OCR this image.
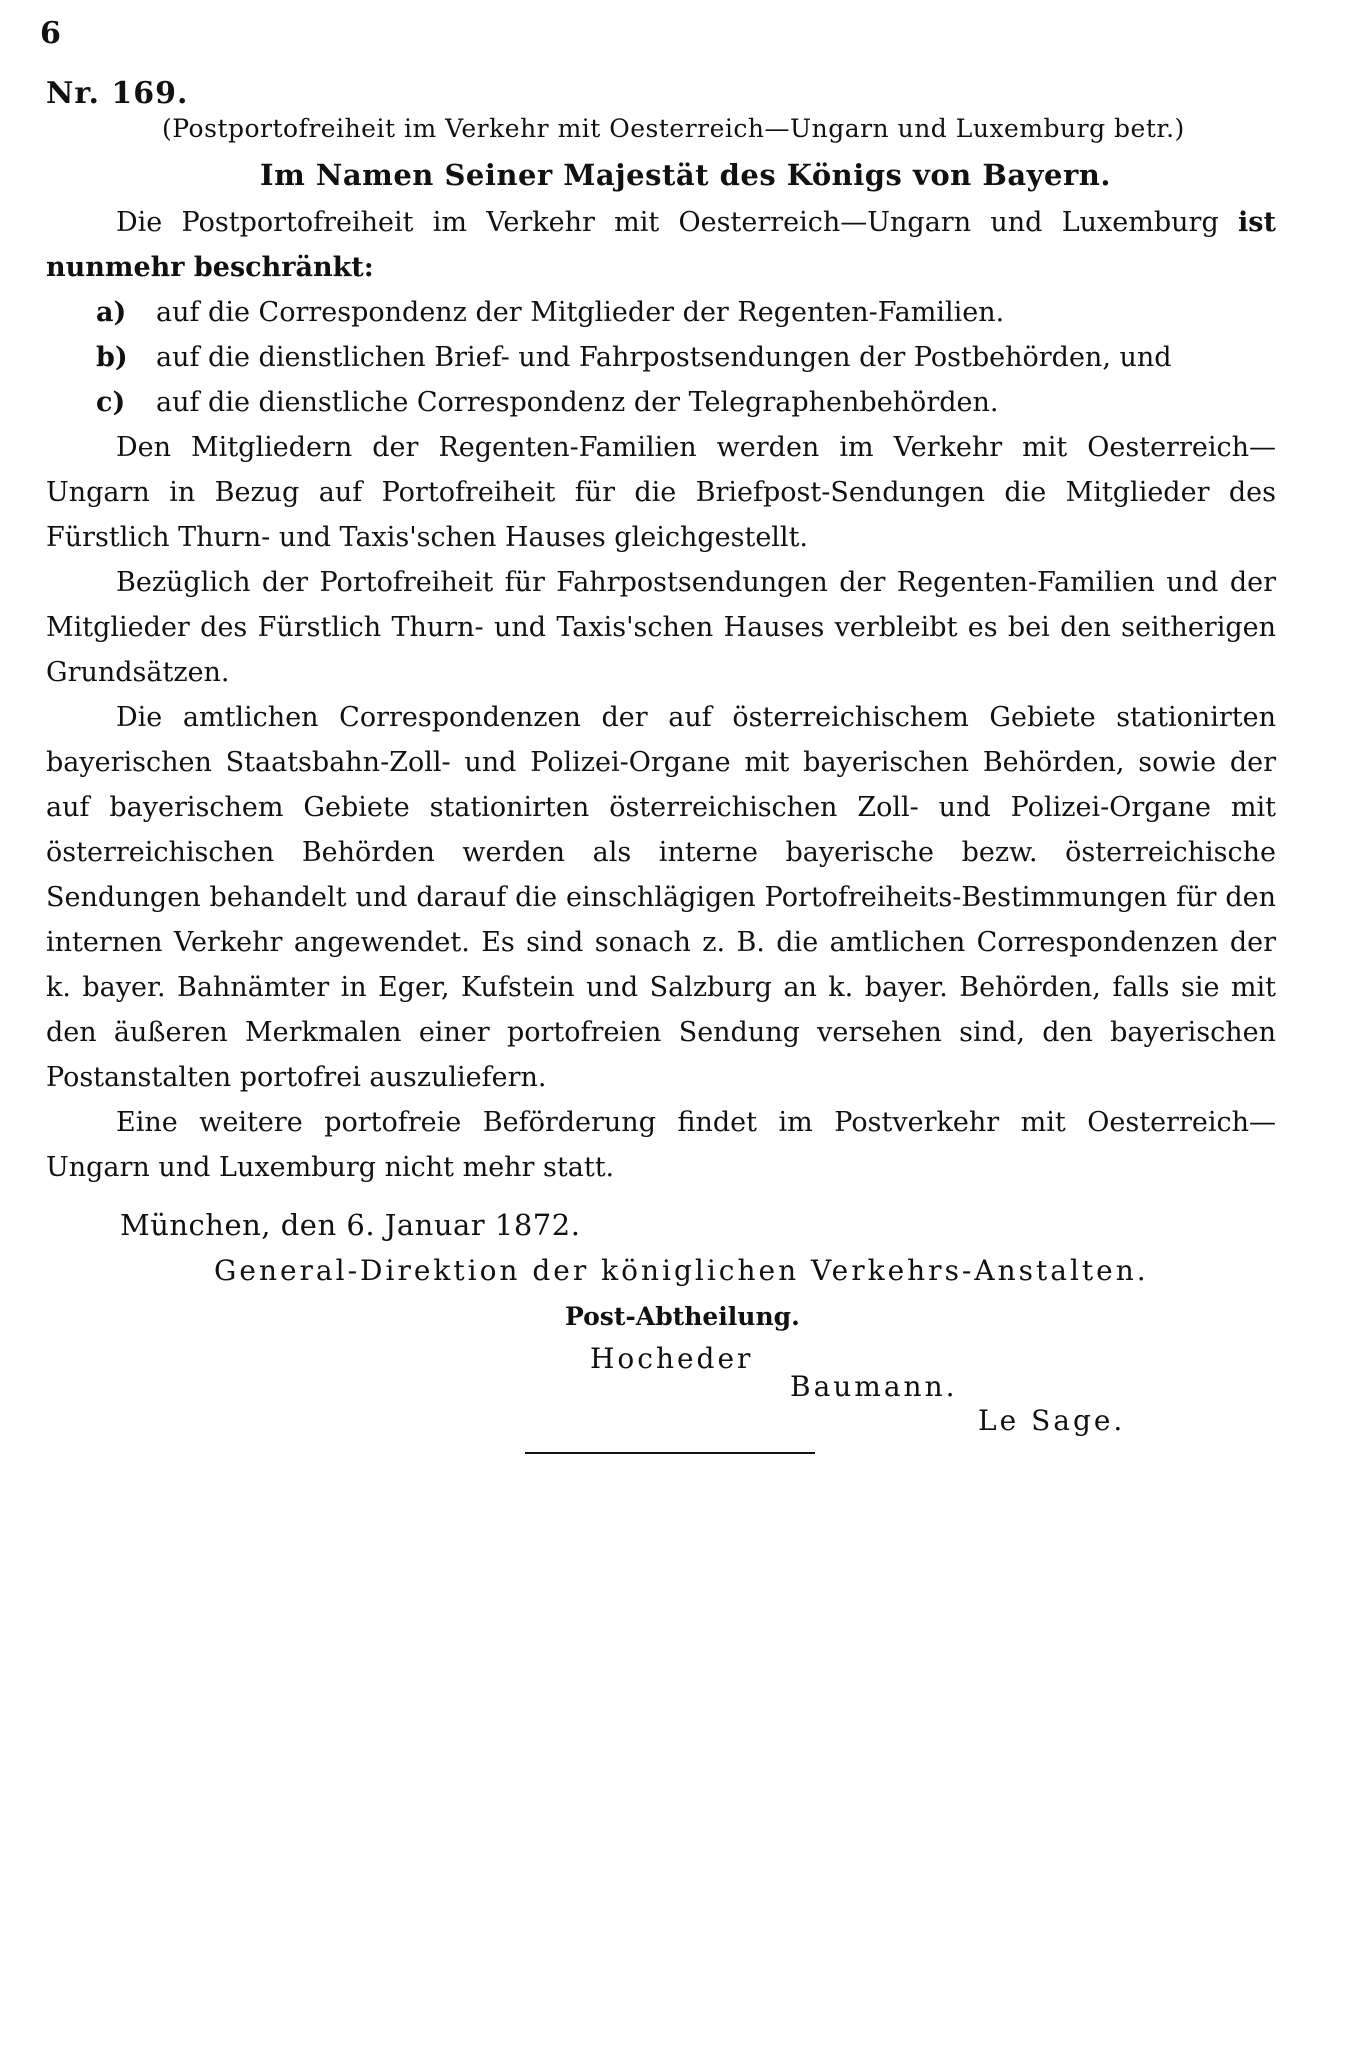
6
Nr. 169.
(Postportofreiheit im Verkehr mit Oesterreich—Ungarn und Luxemburg betr.)
Im Namen Seiner Majestät des Königs von Bayern.

Die Postportofreiheit im Verkehr mit Oesterreich—Ungarn und Luxemburg ist nunmehr beschränkt:

a)	auf die Correspondenz der Mitglieder der Regenten-Familien.
b)	auf die dienstlichen Brief- und Fahrpostsendungen der Postbehörden, und
c)	auf die dienstliche Correspondenz der Telegraphenbehörden.

Den Mitgliedern der Regenten-Familien werden im Verkehr mit Oesterreich—Ungarn in Bezug auf Portofreiheit für die Briefpost-Sendungen die Mitglieder des Fürstlich Thurn- und Taxis'schen Hauses gleichgestellt.

Bezüglich der Portofreiheit für Fahrpostsendungen der Regenten-Familien und der Mitglieder des Fürstlich Thurn- und Taxis'schen Hauses verbleibt es bei den seitherigen Grundsätzen.

Die amtlichen Correspondenzen der auf österreichischem Gebiete stationirten bayerischen Staatsbahn-Zoll- und Polizei-Organe mit bayerischen Behörden, sowie der auf bayerischem Gebiete stationirten österreichischen Zoll- und Polizei-Organe mit österreichischen Behörden werden als interne bayerische bezw. österreichische Sendungen behandelt und darauf die einschlägigen Portofreiheits-Bestimmungen für den internen Verkehr angewendet. Es sind sonach z. B. die amtlichen Correspondenzen der k. bayer. Bahnämter in Eger, Kufstein und Salzburg an k. bayer. Behörden, falls sie mit den äußeren Merkmalen einer portofreien Sendung versehen sind, den bayerischen Postanstalten portofrei auszuliefern.

Eine weitere portofreie Beförderung findet im Postverkehr mit Oesterreich—Ungarn und Luxemburg nicht mehr statt.

München, den 6. Januar 1872.
General-Direktion der königlichen Verkehrs-Anstalten.
Post-Abtheilung.
Hocheder
Baumann.
Le Sage.
